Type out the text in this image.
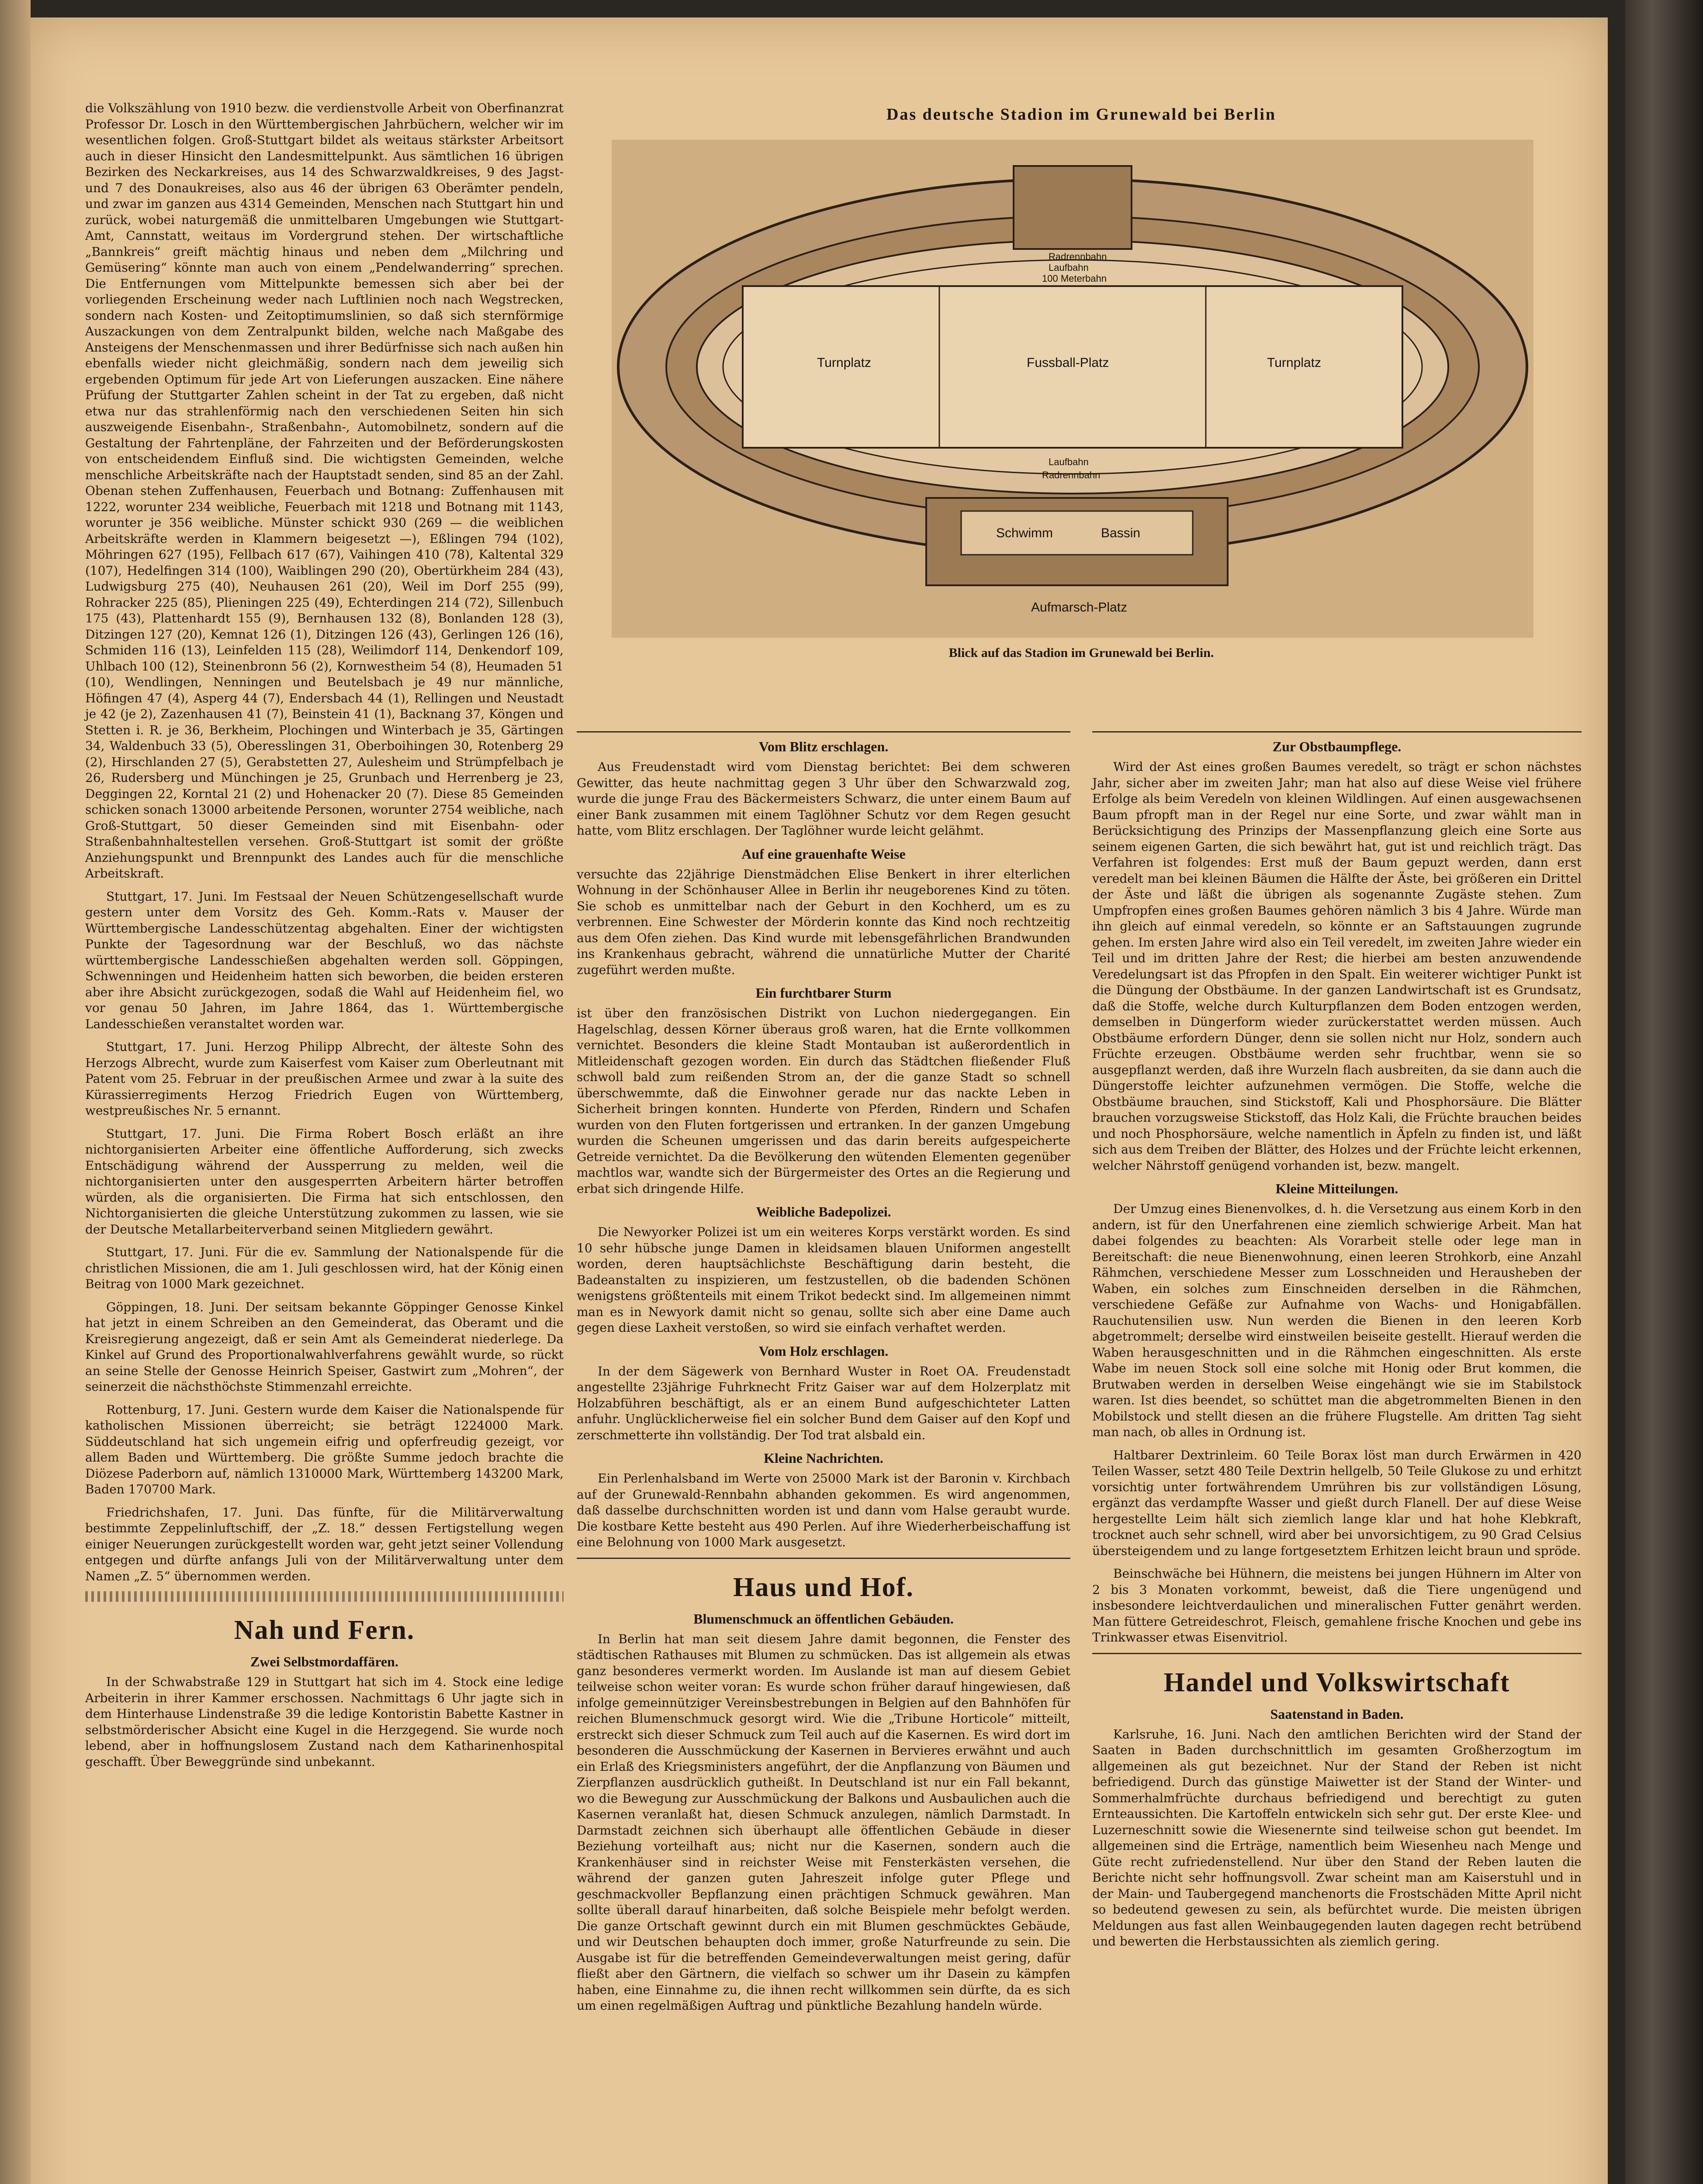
die Volkszählung von 1910 bezw. die verdienstvolle Arbeit von Oberfinanzrat Professor Dr. Losch in den Württembergischen Jahrbüchern, welcher wir im wesentlichen folgen. Groß-Stuttgart bildet als weitaus stärkster Arbeitsort auch in dieser Hinsicht den Landesmittelpunkt. Aus sämtlichen 16 übrigen Bezirken des Neckarkreises, aus 14 des Schwarzwaldkreises, 9 des Jagst- und 7 des Donaukreises, also aus 46 der übrigen 63 Oberämter pendeln, und zwar im ganzen aus 4314 Gemeinden, Menschen nach Stuttgart hin und zurück, wobei naturgemäß die unmittelbaren Umgebungen wie Stuttgart-Amt, Cannstatt, weitaus im Vordergrund stehen. Der wirtschaftliche „Bannkreis“ greift mächtig hinaus und neben dem „Milchring und Gemüsering“ könnte man auch von einem „Pendelwanderring“ sprechen. Die Entfernungen vom Mittelpunkte bemessen sich aber bei der vorliegenden Erscheinung weder nach Luftlinien noch nach Wegstrecken, sondern nach Kosten- und Zeitoptimumslinien, so daß sich sternförmige Auszackungen von dem Zentralpunkt bilden, welche nach Maßgabe des Ansteigens der Menschenmassen und ihrer Bedürfnisse sich nach außen hin ebenfalls wieder nicht gleichmäßig, sondern nach dem jeweilig sich ergebenden Optimum für jede Art von Lieferungen auszacken. Eine nähere Prüfung der Stuttgarter Zahlen scheint in der Tat zu ergeben, daß nicht etwa nur das strahlenförmig nach den verschiedenen Seiten hin sich auszweigende Eisenbahn-, Straßenbahn-, Automobilnetz, sondern auf die Gestaltung der Fahrtenpläne, der Fahrzeiten und der Beförderungskosten von entscheidendem Einfluß sind. Die wichtigsten Gemeinden, welche menschliche Arbeitskräfte nach der Hauptstadt senden, sind 85 an der Zahl. Obenan stehen Zuffenhausen, Feuerbach und Botnang: Zuffenhausen mit 1222, worunter 234 weibliche, Feuerbach mit 1218 und Botnang mit 1143, worunter je 356 weibliche. Münster schickt 930 (269 — die weiblichen Arbeitskräfte werden in Klammern beigesetzt —), Eßlingen 794 (102), Möhringen 627 (195), Fellbach 617 (67), Vaihingen 410 (78), Kaltental 329 (107), Hedelfingen 314 (100), Waiblingen 290 (20), Obertürkheim 284 (43), Ludwigsburg 275 (40), Neuhausen 261 (20), Weil im Dorf 255 (99), Rohracker 225 (85), Plieningen 225 (49), Echterdingen 214 (72), Sillenbuch 175 (43), Plattenhardt 155 (9), Bernhausen 132 (8), Bonlanden 128 (3), Ditzingen 127 (20), Kemnat 126 (1), Ditzingen 126 (43), Gerlingen 126 (16), Schmiden 116 (13), Leinfelden 115 (28), Weilimdorf 114, Denkendorf 109, Uhlbach 100 (12), Steinenbronn 56 (2), Kornwestheim 54 (8), Heumaden 51 (10), Wendlingen, Nenningen und Beutelsbach je 49 nur männliche, Höfingen 47 (4), Asperg 44 (7), Endersbach 44 (1), Rellingen und Neustadt je 42 (je 2), Zazenhausen 41 (7), Beinstein 41 (1), Backnang 37, Köngen und Stetten i. R. je 36, Berkheim, Plochingen und Winterbach je 35, Gärtingen 34, Waldenbuch 33 (5), Oberesslingen 31, Oberboihingen 30, Rotenberg 29 (2), Hirschlanden 27 (5), Gerabstetten 27, Aulesheim und Strümpfelbach je 26, Rudersberg und Münchingen je 25, Grunbach und Herrenberg je 23, Deggingen 22, Korntal 21 (2) und Hohenacker 20 (7). Diese 85 Gemeinden schicken sonach 13000 arbeitende Personen, worunter 2754 weibliche, nach Groß-Stuttgart, 50 dieser Gemeinden sind mit Eisenbahn- oder Straßenbahnhaltestellen versehen. Groß-Stuttgart ist somit der größte Anziehungspunkt und Brennpunkt des Landes auch für die menschliche Arbeitskraft.

Stuttgart, 17. Juni. Im Festsaal der Neuen Schützengesellschaft wurde gestern unter dem Vorsitz des Geh. Komm.-Rats v. Mauser der Württembergische Landesschützentag abgehalten. Einer der wichtigsten Punkte der Tagesordnung war der Beschluß, wo das nächste württembergische Landesschießen abgehalten werden soll. Göppingen, Schwenningen und Heidenheim hatten sich beworben, die beiden ersteren aber ihre Absicht zurückgezogen, sodaß die Wahl auf Heidenheim fiel, wo vor genau 50 Jahren, im Jahre 1864, das 1. Württembergische Landesschießen veranstaltet worden war.

Stuttgart, 17. Juni. Herzog Philipp Albrecht, der älteste Sohn des Herzogs Albrecht, wurde zum Kaiserfest vom Kaiser zum Oberleutnant mit Patent vom 25. Februar in der preußischen Armee und zwar à la suite des Kürassierregiments Herzog Friedrich Eugen von Württemberg, westpreußisches Nr. 5 ernannt.

Stuttgart, 17. Juni. Die Firma Robert Bosch erläßt an ihre nichtorganisierten Arbeiter eine öffentliche Aufforderung, sich zwecks Entschädigung während der Aussperrung zu melden, weil die nichtorganisierten unter den ausgesperrten Arbeitern härter betroffen würden, als die organisierten. Die Firma hat sich entschlossen, den Nichtorganisierten die gleiche Unterstützung zukommen zu lassen, wie sie der Deutsche Metallarbeiterverband seinen Mitgliedern gewährt.

Stuttgart, 17. Juni. Für die ev. Sammlung der Nationalspende für die christlichen Missionen, die am 1. Juli geschlossen wird, hat der König einen Beitrag von 1000 Mark gezeichnet.

Göppingen, 18. Juni. Der seitsam bekannte Göppinger Genosse Kinkel hat jetzt in einem Schreiben an den Gemeinderat, das Oberamt und die Kreisregierung angezeigt, daß er sein Amt als Gemeinderat niederlege. Da Kinkel auf Grund des Proportionalwahlverfahrens gewählt wurde, so rückt an seine Stelle der Genosse Heinrich Speiser, Gastwirt zum „Mohren“, der seinerzeit die nächsthöchste Stimmenzahl erreichte.

Rottenburg, 17. Juni. Gestern wurde dem Kaiser die Nationalspende für katholischen Missionen überreicht; sie beträgt 1224000 Mark. Süddeutschland hat sich ungemein eifrig und opferfreudig gezeigt, vor allem Baden und Württemberg. Die größte Summe jedoch brachte die Diözese Paderborn auf, nämlich 1310000 Mark, Württemberg 143200 Mark, Baden 170700 Mark.

Friedrichshafen, 17. Juni. Das fünfte, für die Militärverwaltung bestimmte Zeppelinluftschiff, der „Z. 18.“ dessen Fertigstellung wegen einiger Neuerungen zurückgestellt worden war, geht jetzt seiner Vollendung entgegen und dürfte anfangs Juli von der Militärverwaltung unter dem Namen „Z. 5“ übernommen werden.

Nah und Fern.
Zwei Selbstmordaffären.

In der Schwabstraße 129 in Stuttgart hat sich im 4. Stock eine ledige Arbeiterin in ihrer Kammer erschossen. Nachmittags 6 Uhr jagte sich in dem Hinterhause Lindenstraße 39 die ledige Kontoristin Babette Kastner in selbstmörderischer Absicht eine Kugel in die Herzgegend. Sie wurde noch lebend, aber in hoffnungslosem Zustand nach dem Katharinenhospital geschafft. Über Beweggründe sind unbekannt.

Das deutsche Stadion im Grunewald bei Berlin
Turnplatz	Fussball-Platz	Turnplatz
Radrennbahn
Laufbahn
100 Meterbahn
Laufbahn
Radrennbahn
Schwimm	Bassin
Aufmarsch-Platz
Blick auf das Stadion im Grunewald bei Berlin.
Vom Blitz erschlagen.

Aus Freudenstadt wird vom Dienstag berichtet: Bei dem schweren Gewitter, das heute nachmittag gegen 3 Uhr über den Schwarzwald zog, wurde die junge Frau des Bäckermeisters Schwarz, die unter einem Baum auf einer Bank zusammen mit einem Taglöhner Schutz vor dem Regen gesucht hatte, vom Blitz erschlagen. Der Taglöhner wurde leicht gelähmt.

Auf eine grauenhafte Weise

versuchte das 22jährige Dienstmädchen Elise Benkert in ihrer elterlichen Wohnung in der Schönhauser Allee in Berlin ihr neugeborenes Kind zu töten. Sie schob es unmittelbar nach der Geburt in den Kochherd, um es zu verbrennen. Eine Schwester der Mörderin konnte das Kind noch rechtzeitig aus dem Ofen ziehen. Das Kind wurde mit lebensgefährlichen Brandwunden ins Krankenhaus gebracht, während die unnatürliche Mutter der Charité zugeführt werden mußte.

Ein furchtbarer Sturm

ist über den französischen Distrikt von Luchon niedergegangen. Ein Hagelschlag, dessen Körner überaus groß waren, hat die Ernte vollkommen vernichtet. Besonders die kleine Stadt Montauban ist außerordentlich in Mitleidenschaft gezogen worden. Ein durch das Städtchen fließender Fluß schwoll bald zum reißenden Strom an, der die ganze Stadt so schnell überschwemmte, daß die Einwohner gerade nur das nackte Leben in Sicherheit bringen konnten. Hunderte von Pferden, Rindern und Schafen wurden von den Fluten fortgerissen und ertranken. In der ganzen Umgebung wurden die Scheunen umgerissen und das darin bereits aufgespeicherte Getreide vernichtet. Da die Bevölkerung den wütenden Elementen gegenüber machtlos war, wandte sich der Bürgermeister des Ortes an die Regierung und erbat sich dringende Hilfe.

Weibliche Badepolizei.

Die Newyorker Polizei ist um ein weiteres Korps verstärkt worden. Es sind 10 sehr hübsche junge Damen in kleidsamen blauen Uniformen angestellt worden, deren hauptsächlichste Beschäftigung darin besteht, die Badeanstalten zu inspizieren, um festzustellen, ob die badenden Schönen wenigstens größtenteils mit einem Trikot bedeckt sind. Im allgemeinen nimmt man es in Newyork damit nicht so genau, sollte sich aber eine Dame auch gegen diese Laxheit verstoßen, so wird sie einfach verhaftet werden.

Vom Holz erschlagen.

In der dem Sägewerk von Bernhard Wuster in Roet OA. Freudenstadt angestellte 23jährige Fuhrknecht Fritz Gaiser war auf dem Holzerplatz mit Holzabführen beschäftigt, als er an einem Bund aufgeschichteter Latten anfuhr. Unglücklicherweise fiel ein solcher Bund dem Gaiser auf den Kopf und zerschmetterte ihn vollständig. Der Tod trat alsbald ein.

Kleine Nachrichten.

Ein Perlenhalsband im Werte von 25000 Mark ist der Baronin v. Kirchbach auf der Grunewald-Rennbahn abhanden gekommen. Es wird angenommen, daß dasselbe durchschnitten worden ist und dann vom Halse geraubt wurde. Die kostbare Kette besteht aus 490 Perlen. Auf ihre Wiederherbeischaffung ist eine Belohnung von 1000 Mark ausgesetzt.

Haus und Hof.
Blumenschmuck an öffentlichen Gebäuden.

In Berlin hat man seit diesem Jahre damit begonnen, die Fenster des städtischen Rathauses mit Blumen zu schmücken. Das ist allgemein als etwas ganz besonderes vermerkt worden. Im Auslande ist man auf diesem Gebiet teilweise schon weiter voran: Es wurde schon früher darauf hingewiesen, daß infolge gemeinnütziger Vereinsbestrebungen in Belgien auf den Bahnhöfen für reichen Blumenschmuck gesorgt wird. Wie die „Tribune Horticole“ mitteilt, erstreckt sich dieser Schmuck zum Teil auch auf die Kasernen. Es wird dort im besonderen die Ausschmückung der Kasernen in Bervieres erwähnt und auch ein Erlaß des Kriegsministers angeführt, der die Anpflanzung von Bäumen und Zierpflanzen ausdrücklich gutheißt. In Deutschland ist nur ein Fall bekannt, wo die Bewegung zur Ausschmückung der Balkons und Ausbaulichen auch die Kasernen veranlaßt hat, diesen Schmuck anzulegen, nämlich Darmstadt. In Darmstadt zeichnen sich überhaupt alle öffentlichen Gebäude in dieser Beziehung vorteilhaft aus; nicht nur die Kasernen, sondern auch die Krankenhäuser sind in reichster Weise mit Fensterkästen versehen, die während der ganzen guten Jahreszeit infolge guter Pflege und geschmackvoller Bepflanzung einen prächtigen Schmuck gewähren. Man sollte überall darauf hinarbeiten, daß solche Beispiele mehr befolgt werden. Die ganze Ortschaft gewinnt durch ein mit Blumen geschmücktes Gebäude, und wir Deutschen behaupten doch immer, große Naturfreunde zu sein. Die Ausgabe ist für die betreffenden Gemeindeverwaltungen meist gering, dafür fließt aber den Gärtnern, die vielfach so schwer um ihr Dasein zu kämpfen haben, eine Einnahme zu, die ihnen recht willkommen sein dürfte, da es sich um einen regelmäßigen Auftrag und pünktliche Bezahlung handeln würde.

Zur Obstbaumpflege.

Wird der Ast eines großen Baumes veredelt, so trägt er schon nächstes Jahr, sicher aber im zweiten Jahr; man hat also auf diese Weise viel frühere Erfolge als beim Veredeln von kleinen Wildlingen. Auf einen ausgewachsenen Baum pfropft man in der Regel nur eine Sorte, und zwar wählt man in Berücksichtigung des Prinzips der Massenpflanzung gleich eine Sorte aus seinem eigenen Garten, die sich bewährt hat, gut ist und reichlich trägt. Das Verfahren ist folgendes: Erst muß der Baum gepuzt werden, dann erst veredelt man bei kleinen Bäumen die Hälfte der Äste, bei größeren ein Drittel der Äste und läßt die übrigen als sogenannte Zugäste stehen. Zum Umpfropfen eines großen Baumes gehören nämlich 3 bis 4 Jahre. Würde man ihn gleich auf einmal veredeln, so könnte er an Saftstauungen zugrunde gehen. Im ersten Jahre wird also ein Teil veredelt, im zweiten Jahre wieder ein Teil und im dritten Jahre der Rest; die hierbei am besten anzuwendende Veredelungsart ist das Pfropfen in den Spalt. Ein weiterer wichtiger Punkt ist die Düngung der Obstbäume. In der ganzen Landwirtschaft ist es Grundsatz, daß die Stoffe, welche durch Kulturpflanzen dem Boden entzogen werden, demselben in Düngerform wieder zurückerstattet werden müssen. Auch Obstbäume erfordern Dünger, denn sie sollen nicht nur Holz, sondern auch Früchte erzeugen. Obstbäume werden sehr fruchtbar, wenn sie so ausgepflanzt werden, daß ihre Wurzeln flach ausbreiten, da sie dann auch die Düngerstoffe leichter aufzunehmen vermögen. Die Stoffe, welche die Obstbäume brauchen, sind Stickstoff, Kali und Phosphorsäure. Die Blätter brauchen vorzugsweise Stickstoff, das Holz Kali, die Früchte brauchen beides und noch Phosphorsäure, welche namentlich in Äpfeln zu finden ist, und läßt sich aus dem Treiben der Blätter, des Holzes und der Früchte leicht erkennen, welcher Nährstoff genügend vorhanden ist, bezw. mangelt.

Kleine Mitteilungen.

Der Umzug eines Bienenvolkes, d. h. die Versetzung aus einem Korb in den andern, ist für den Unerfahrenen eine ziemlich schwierige Arbeit. Man hat dabei folgendes zu beachten: Als Vorarbeit stelle oder lege man in Bereitschaft: die neue Bienenwohnung, einen leeren Strohkorb, eine Anzahl Rähmchen, verschiedene Messer zum Losschneiden und Herausheben der Waben, ein solches zum Einschneiden derselben in die Rähmchen, verschiedene Gefäße zur Aufnahme von Wachs- und Honigabfällen. Rauchutensilien usw. Nun werden die Bienen in den leeren Korb abgetrommelt; derselbe wird einstweilen beiseite gestellt. Hierauf werden die Waben herausgeschnitten und in die Rähmchen eingeschnitten. Als erste Wabe im neuen Stock soll eine solche mit Honig oder Brut kommen, die Brutwaben werden in derselben Weise eingehängt wie sie im Stabilstock waren. Ist dies beendet, so schüttet man die abgetrommelten Bienen in den Mobilstock und stellt diesen an die frühere Flugstelle. Am dritten Tag sieht man nach, ob alles in Ordnung ist.

Haltbarer Dextrinleim. 60 Teile Borax löst man durch Erwärmen in 420 Teilen Wasser, setzt 480 Teile Dextrin hellgelb, 50 Teile Glukose zu und erhitzt vorsichtig unter fortwährendem Umrühren bis zur vollständigen Lösung, ergänzt das verdampfte Wasser und gießt durch Flanell. Der auf diese Weise hergestellte Leim hält sich ziemlich lange klar und hat hohe Klebkraft, trocknet auch sehr schnell, wird aber bei unvorsichtigem, zu 90 Grad Celsius übersteigendem und zu lange fortgesetztem Erhitzen leicht braun und spröde.

Beinschwäche bei Hühnern, die meistens bei jungen Hühnern im Alter von 2 bis 3 Monaten vorkommt, beweist, daß die Tiere ungenügend und insbesondere leichtverdaulichen und mineralischen Futter genährt werden. Man füttere Getreideschrot, Fleisch, gemahlene frische Knochen und gebe ins Trinkwasser etwas Eisenvitriol.

Handel und Volkswirtschaft
Saatenstand in Baden.

Karlsruhe, 16. Juni. Nach den amtlichen Berichten wird der Stand der Saaten in Baden durchschnittlich im gesamten Großherzogtum im allgemeinen als gut bezeichnet. Nur der Stand der Reben ist nicht befriedigend. Durch das günstige Maiwetter ist der Stand der Winter- und Sommerhalmfrüchte durchaus befriedigend und berechtigt zu guten Ernteaussichten. Die Kartoffeln entwickeln sich sehr gut. Der erste Klee- und Luzerneschnitt sowie die Wiesenernte sind teilweise schon gut beendet. Im allgemeinen sind die Erträge, namentlich beim Wiesenheu nach Menge und Güte recht zufriedenstellend. Nur über den Stand der Reben lauten die Berichte nicht sehr hoffnungsvoll. Zwar scheint man am Kaiserstuhl und in der Main- und Taubergegend manchenorts die Frostschäden Mitte April nicht so bedeutend gewesen zu sein, als befürchtet wurde. Die meisten übrigen Meldungen aus fast allen Weinbaugegenden lauten dagegen recht betrübend und bewerten die Herbstaussichten als ziemlich gering.
